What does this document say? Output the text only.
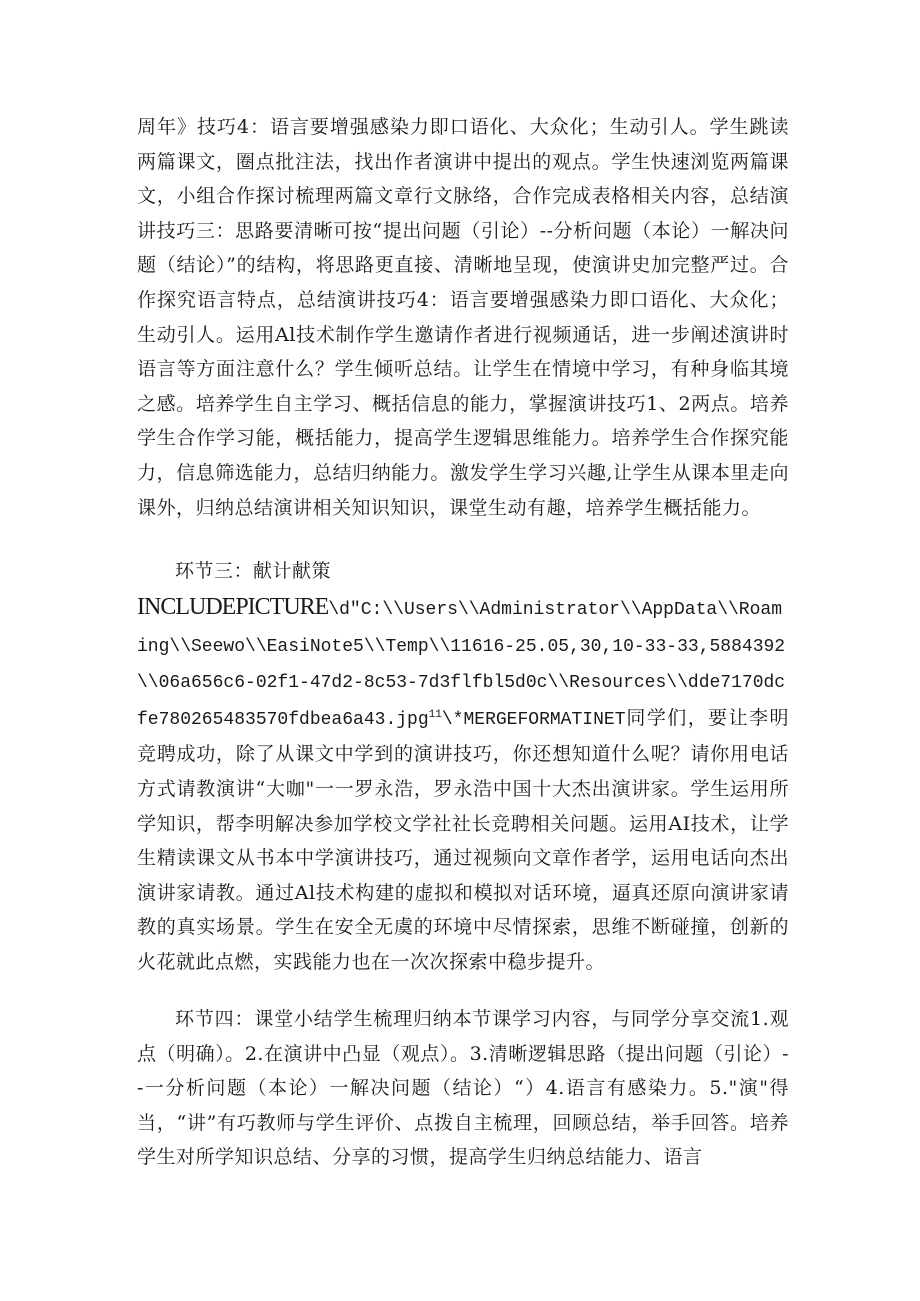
周年》技巧4：语言要增强感染力即口语化、大众化；生动引人。学生跳读两篇课文，圈点批注法，找出作者演讲中提出的观点。学生快速浏览两篇课文，小组合作探讨梳理两篇文章行文脉络，合作完成表格相关内容，总结演讲技巧三：思路要清晰可按“提出问题（引论）--分析问题（本论）一解决问题（结论）”的结构，将思路更直接、清晰地呈现，使演讲史加完整严过。合作探究语言特点，总结演讲技巧4：语言要增强感染力即口语化、大众化；生动引人。运用Al技术制作学生邀请作者进行视频通话，进一步阐述演讲时语言等方面注意什么？学生倾听总结。让学生在情境中学习，有种身临其境之感。培养学生自主学习、概括信息的能力，掌握演讲技巧1、2两点。培养学生合作学习能，概括能力，提高学生逻辑思维能力。培养学生合作探究能力，信息筛选能力，总结归纳能力。激发学生学习兴趣,让学生从课本里走向课外，归纳总结演讲相关知识知识，课堂生动有趣，培养学生概括能力。
环节三：献计献策
INCLUDEPICTURE\d"C:\\Users\\Administrator\\AppData\\Roaming\\Seewo\\EasiNote5\\Temp\\11616-25.05,30,10-33-33,5884392\\06a656c6-02f1-47d2-8c53-7d3flfbl5d0c\\Resources\\dde7170dcfe780265483570fdbea6a43.jpg$^{11}$\*MERGEFORMATINET同学们，要让李明竞聘成功，除了从课文中学到的演讲技巧，你还想知道什么呢？请你用电话方式请教演讲“大咖"一一罗永浩，罗永浩中国十大杰出演讲家。学生运用所学知识，帮李明解决参加学校文学社社长竞聘相关问题。运用AI技术，让学生精读课文从书本中学演讲技巧，通过视频向文章作者学，运用电话向杰出演讲家请教。通过Al技术构建的虚拟和模拟对话环境，逼真还原向演讲家请教的真实场景。学生在安全无虞的环境中尽情探索，思维不断碰撞，创新的火花就此点燃，实践能力也在一次次探索中稳步提升。
环节四：课堂小结学生梳理归纳本节课学习内容，与同学分享交流1.观点（明确）。2.在演讲中凸显（观点）。3.清晰逻辑思路（提出问题（引论）--一分析问题（本论）一解决问题（结论）“）4.语言有感染力。5."演"得当，“讲”有巧教师与学生评价、点拨自主梳理，回顾总结，举手回答。培养学生对所学知识总结、分享的习惯，提高学生归纳总结能力、语言
